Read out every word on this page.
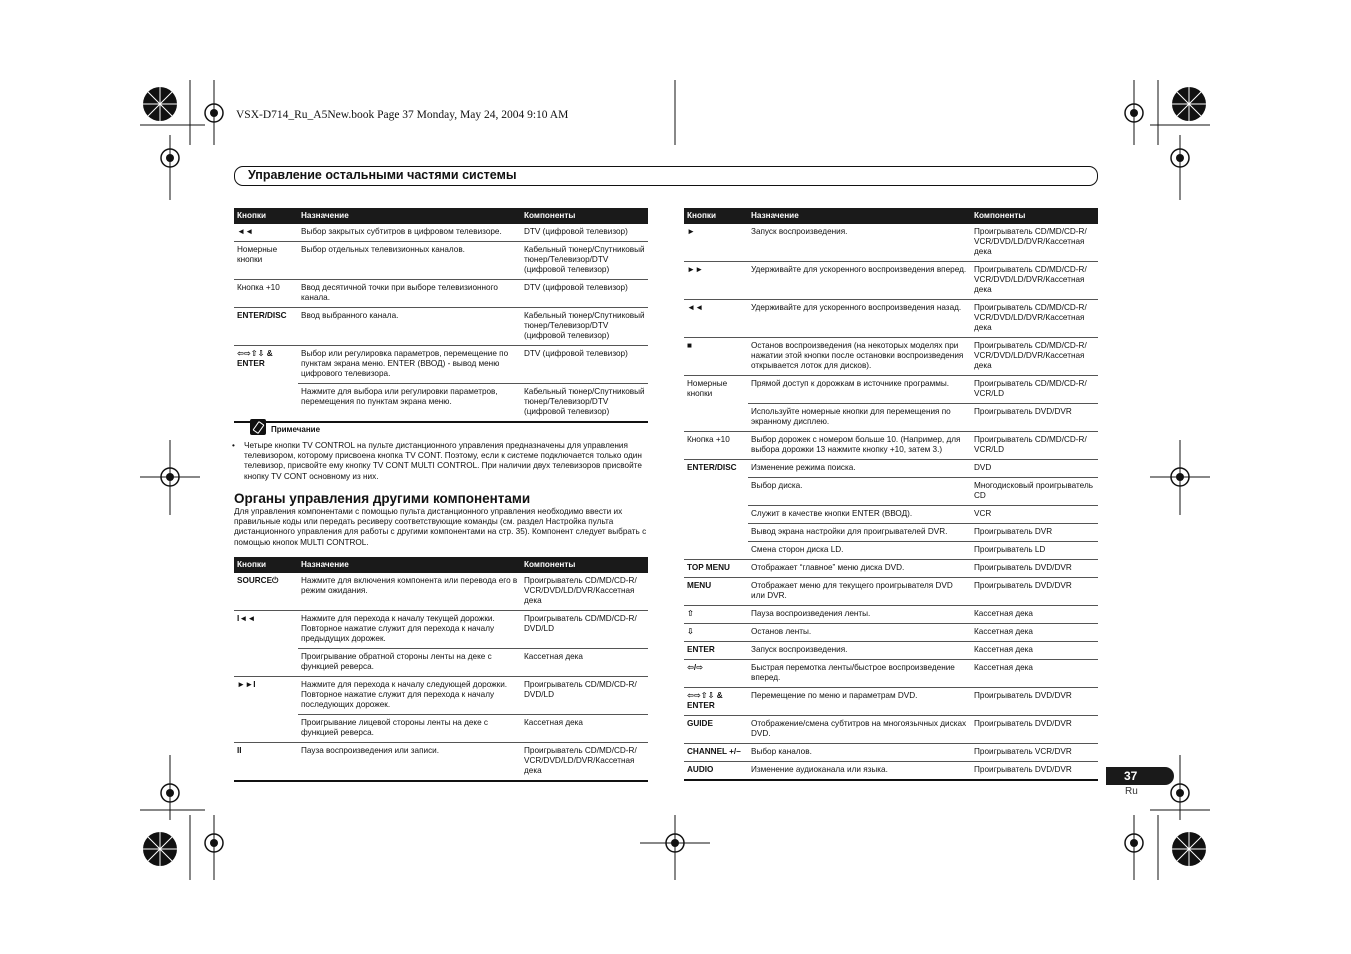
VSX-D714_Ru_A5New.book Page 37 Monday, May 24, 2004 9:10 AM
Управление остальными частями системы
Кнопки	Назначение	Компоненты
◄◄	Выбор закрытых субтитров в цифровом телевизоре.	DTV (цифровой телевизор)
Номерные кнопки	Выбор отдельных телевизионных каналов.	Кабельный тюнер/Спутниковый тюнер/Телевизор/DTV (цифровой телевизор)
Кнопка +10	Ввод десятичной точки при выборе телевизионного канала.	DTV (цифровой телевизор)
ENTER/DISC	Ввод выбранного канала.	Кабельный тюнер/Спутниковый тюнер/Телевизор/DTV (цифровой телевизор)
⇦⇨⇧⇩ & ENTER	Выбор или регулировка параметров, перемещение по пунктам экрана меню. ENTER (ВВОД) - вывод меню цифрового телевизора.	DTV (цифровой телевизор)
	Нажмите для выбора или регулировки параметров, перемещения по пунктам экрана меню.	Кабельный тюнер/Спутниковый тюнер/Телевизор/DTV (цифровой телевизор)
Примечание
• Четыре кнопки TV CONTROL на пульте дистанционного управления предназначены для управления телевизором, которому присвоена кнопка TV CONT. Поэтому, если к системе подключается только один телевизор, присвойте ему кнопку TV CONT MULTI CONTROL. При наличии двух телевизоров присвойте кнопку TV CONT основному из них.
Органы управления другими компонентами
Для управления компонентами с помощью пульта дистанционного управления необходимо ввести их правильные коды или передать ресиверу соответствующие команды (см. раздел Настройка пульта дистанционного управления для работы с другими компонентами на стр. 35). Компонент следует выбрать с помощью кнопок MULTI CONTROL.
Кнопки	Назначение	Компоненты
SOURCE⏻	Нажмите для включения компонента или перевода его в режим ожидания.	Проигрыватель CD/MD/CD-R/ VCR/DVD/LD/DVR/Кассетная дека
I◄◄	Нажмите для перехода к началу текущей дорожки. Повторное нажатие служит для перехода к началу предыдущих дорожек.	Проигрыватель CD/MD/CD-R/ DVD/LD
	Проигрывание обратной стороны ленты на деке с функцией реверса.	Кассетная дека
►►I	Нажмите для перехода к началу следующей дорожки. Повторное нажатие служит для перехода к началу последующих дорожек.	Проигрыватель CD/MD/CD-R/ DVD/LD
	Проигрывание лицевой стороны ленты на деке с функцией реверса.	Кассетная дека
II	Пауза воспроизведения или записи.	Проигрыватель CD/MD/CD-R/ VCR/DVD/LD/DVR/Кассетная дека
Кнопки	Назначение	Компоненты
►	Запуск воспроизведения.	Проигрыватель CD/MD/CD-R/ VCR/DVD/LD/DVR/Кассетная дека
►►	Удерживайте для ускоренного воспроизведения вперед.	Проигрыватель CD/MD/CD-R/ VCR/DVD/LD/DVR/Кассетная дека
◄◄	Удерживайте для ускоренного воспроизведения назад.	Проигрыватель CD/MD/CD-R/ VCR/DVD/LD/DVR/Кассетная дека
■	Останов воспроизведения (на некоторых моделях при нажатии этой кнопки после остановки воспроизведения открывается лоток для дисков).	Проигрыватель CD/MD/CD-R/ VCR/DVD/LD/DVR/Кассетная дека
Номерные кнопки	Прямой доступ к дорожкам в источнике программы.	Проигрыватель CD/MD/CD-R/ VCR/LD
	Используйте номерные кнопки для перемещения по экранному дисплею.	Проигрыватель DVD/DVR
Кнопка +10	Выбор дорожек с номером больше 10. (Например, для выбора дорожки 13 нажмите кнопку +10, затем 3.)	Проигрыватель CD/MD/CD-R/ VCR/LD
ENTER/DISC	Изменение режима поиска.	DVD
	Выбор диска.	Многодисковый проигрыватель CD
	Служит в качестве кнопки ENTER (ВВОД).	VCR
	Вывод экрана настройки для проигрывателей DVR.	Проигрыватель DVR
	Смена сторон диска LD.	Проигрыватель LD
TOP MENU	Отображает “главное” меню диска DVD.	Проигрыватель DVD/DVR
MENU	Отображает меню для текущего проигрывателя DVD или DVR.	Проигрыватель DVD/DVR
⇧	Пауза воспроизведения ленты.	Кассетная дека
⇩	Останов ленты.	Кассетная дека
ENTER	Запуск воспроизведения.	Кассетная дека
⇦/⇨	Быстрая перемотка ленты/быстрое воспроизведение вперед.	Кассетная дека
⇦⇨⇧⇩ & ENTER	Перемещение по меню и параметрам DVD.	Проигрыватель DVD/DVR
GUIDE	Отображение/смена субтитров на многоязычных дисках DVD.	Проигрыватель DVD/DVR
CHANNEL +/–	Выбор каналов.	Проигрыватель VCR/DVR
AUDIO	Изменение аудиоканала или языка.	Проигрыватель DVD/DVR	37
Ru
